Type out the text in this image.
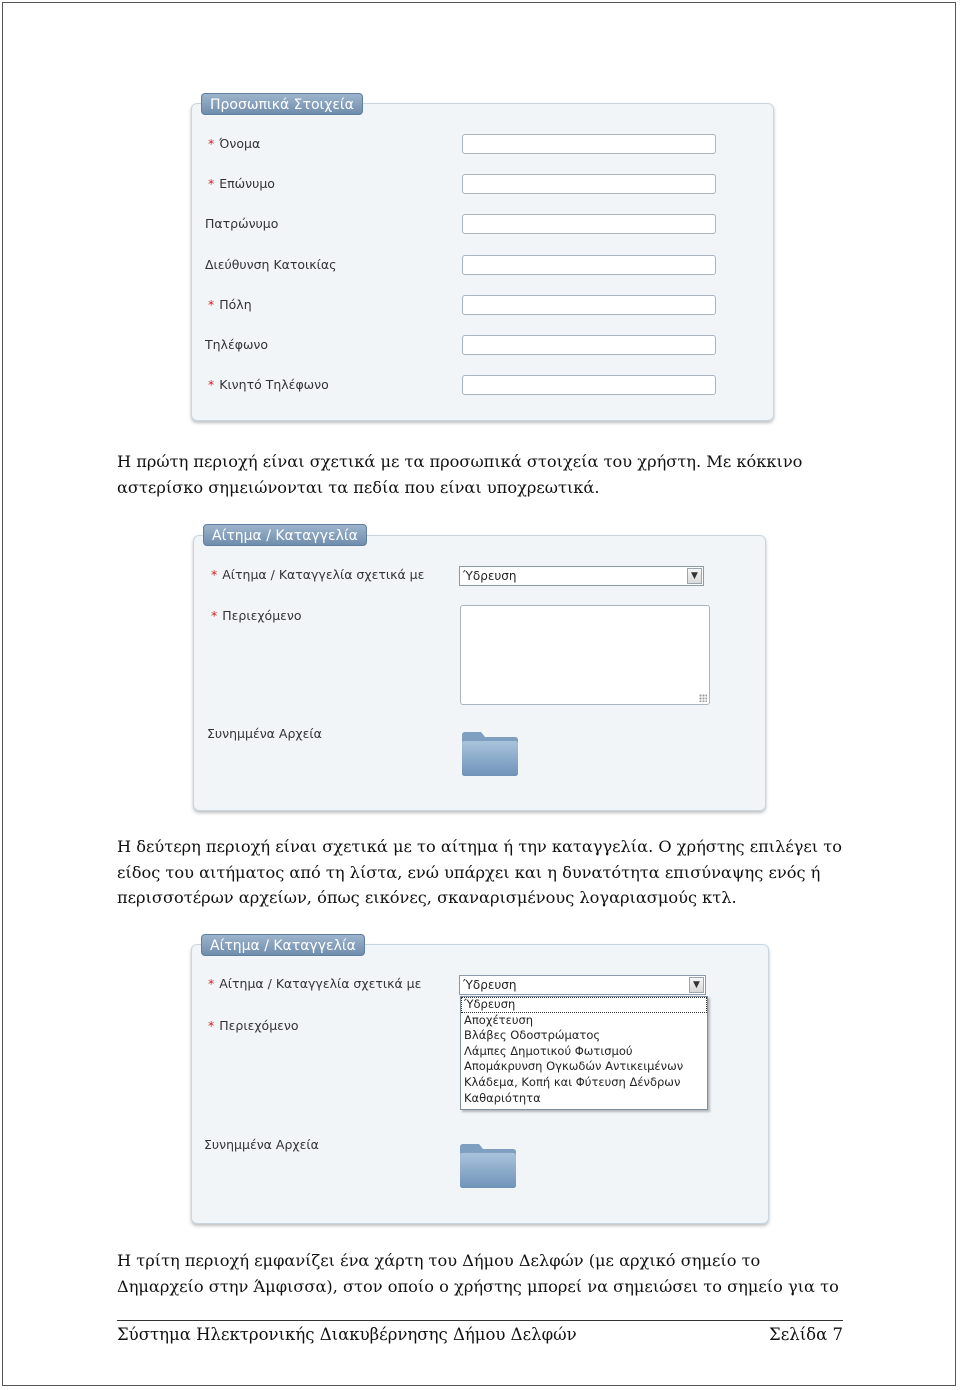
Προσωπικά Στοιχεία
* Όνομα
* Επώνυμο
Πατρώνυμο
Διεύθυνση Κατοικίας
* Πόλη
Τηλέφωνο
* Κινητό Τηλέφωνο

Η πρώτη περιοχή είναι σχετικά με τα προσωπικά στοιχεία του χρήστη. Με κόκκινο
αστερίσκο σημειώνονται τα πεδία που είναι υποχρεωτικά.

Αίτημα / Καταγγελία
* Αίτημα / Καταγγελία σχετικά με	Ύδρευση	▼
* Περιεχόμενο
Συνημμένα Αρχεία

Η δεύτερη περιοχή είναι σχετικά με το αίτημα ή την καταγγελία. Ο χρήστης επιλέγει το
είδος του αιτήματος από τη λίστα, ενώ υπάρχει και η δυνατότητα επισύναψης ενός ή
περισσοτέρων αρχείων, όπως εικόνες, σκαναρισμένους λογαριασμούς κτλ.

Αίτημα / Καταγγελία
* Αίτημα / Καταγγελία σχετικά με	Ύδρευση	▼
* Περιεχόμενο
Ύδρευση
Αποχέτευση
Βλάβες Οδοστρώματος
Λάμπες Δημοτικού Φωτισμού
Απομάκρυνση Ογκωδών Αντικειμένων
Κλάδεμα, Κοπή και Φύτευση Δένδρων
Καθαριότητα
Συνημμένα Αρχεία

Η τρίτη περιοχή εμφανίζει ένα χάρτη του Δήμου Δελφών (με αρχικό σημείο το
Δημαρχείο στην Άμφισσα), στον οποίο ο χρήστης μπορεί να σημειώσει το σημείο για το

Σύστημα Ηλεκτρονικής Διακυβέρνησης Δήμου Δελφών	Σελίδα 7
